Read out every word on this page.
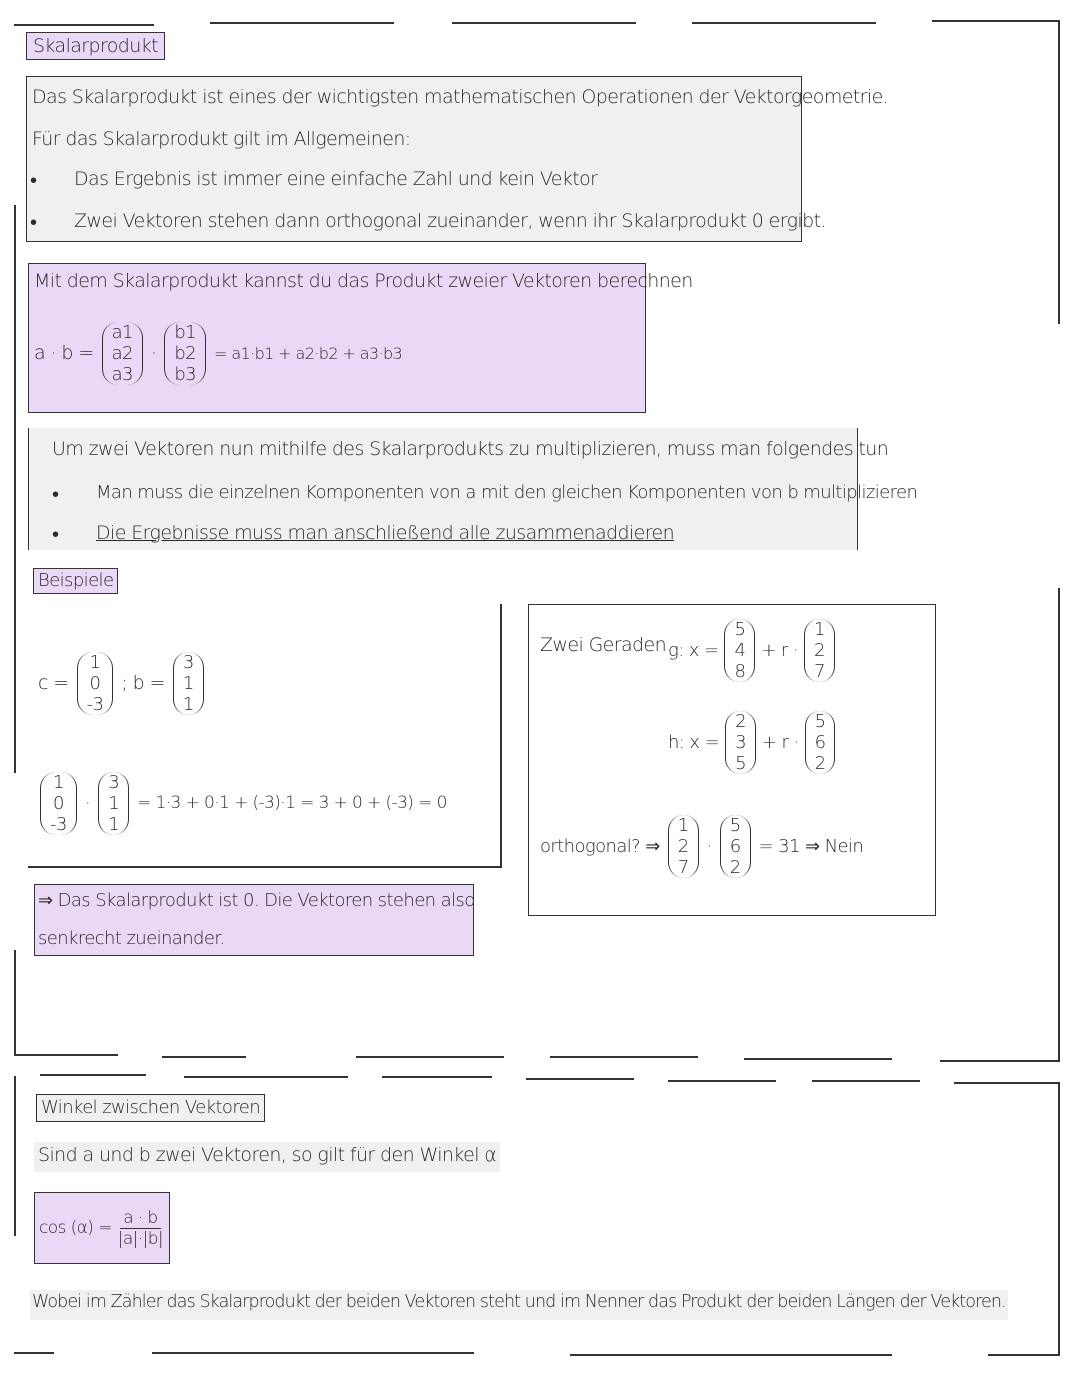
Skalarprodukt
Das Skalarprodukt ist eines der wichtigsten mathematischen Operationen der Vektorgeometrie.
Für das Skalarprodukt gilt im Allgemeinen:
• Das Ergebnis ist immer eine einfache Zahl und kein Vektor
• Zwei Vektoren stehen dann orthogonal zueinander, wenn ihr Skalarprodukt 0 ergibt.
Mit dem Skalarprodukt kannst du das Produkt zweier Vektoren berechnen
a · b =
a1
a2
a3
·
b1
b2
b3
= a1·b1 + a2·b2 + a3·b3
Um zwei Vektoren nun mithilfe des Skalarprodukts zu multiplizieren, muss man folgendes tun
• Man muss die einzelnen Komponenten von a mit den gleichen Komponenten von b multiplizieren
• Die Ergebnisse muss man anschließend alle zusammenaddieren
Beispiele
c =
1
0
-3
; b =
3
1
1
1
0
-3
·
3
1
1
= 1·3 + 0·1 + (-3)·1 = 3 + 0 + (-3) = 0
⇒ Das Skalarprodukt ist 0. Die Vektoren stehen also
senkrecht zueinander.
Zwei Geraden g: x =
5
4
8
+ r ·
1
2
7
h: x =
2
3
5
+ r ·
5
6
2
orthogonal? ⇒
1
2
7
·
5
6
2
= 31 ⇒ Nein
Winkel zwischen Vektoren
Sind a und b zwei Vektoren, so gilt für den Winkel α
$\cos (\alpha) = \frac{a \cdot b}{|a|\cdot|b|}$
Wobei im Zähler das Skalarprodukt der beiden Vektoren steht und im Nenner das Produkt der beiden Längen der Vektoren.
